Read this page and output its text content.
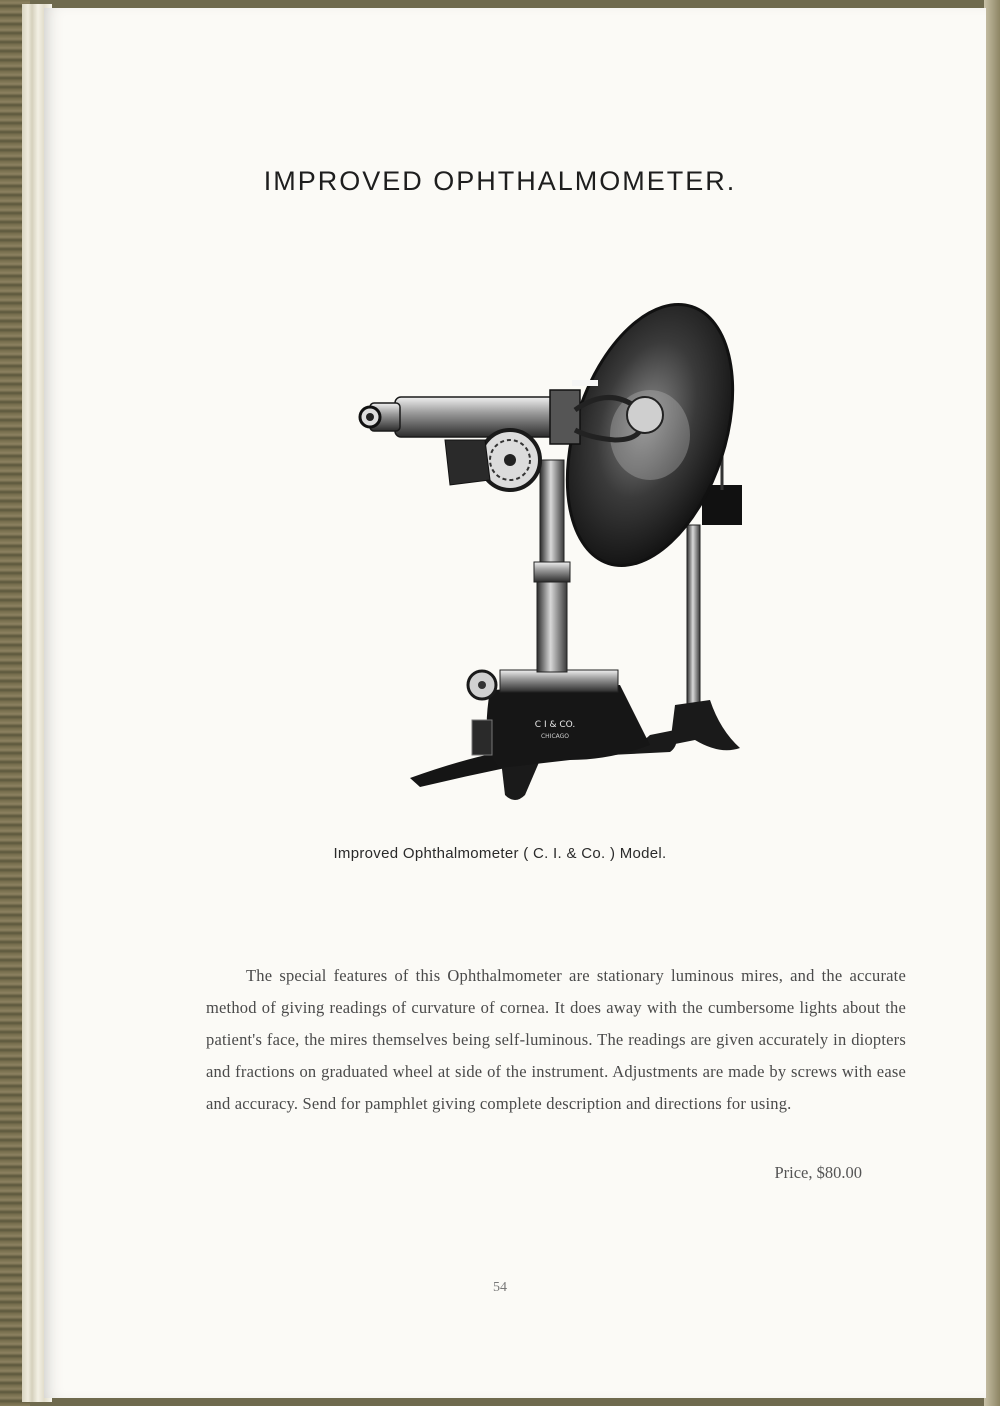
IMPROVED OPHTHALMOMETER.
C I & CO.
CHICAGO
Improved Ophthalmometer ( C. I. & Co. ) Model.
The special features of this Ophthalmometer are stationary luminous mires, and the accurate method of giving readings of curvature of cornea. It does away with the cumbersome lights about the patient's face, the mires themselves being self-luminous. The readings are given accurately in diopters and fractions on graduated wheel at side of the instrument. Adjustments are made by screws with ease and accuracy. Send for pamphlet giving complete description and directions for using.
Price, $80.00
54
